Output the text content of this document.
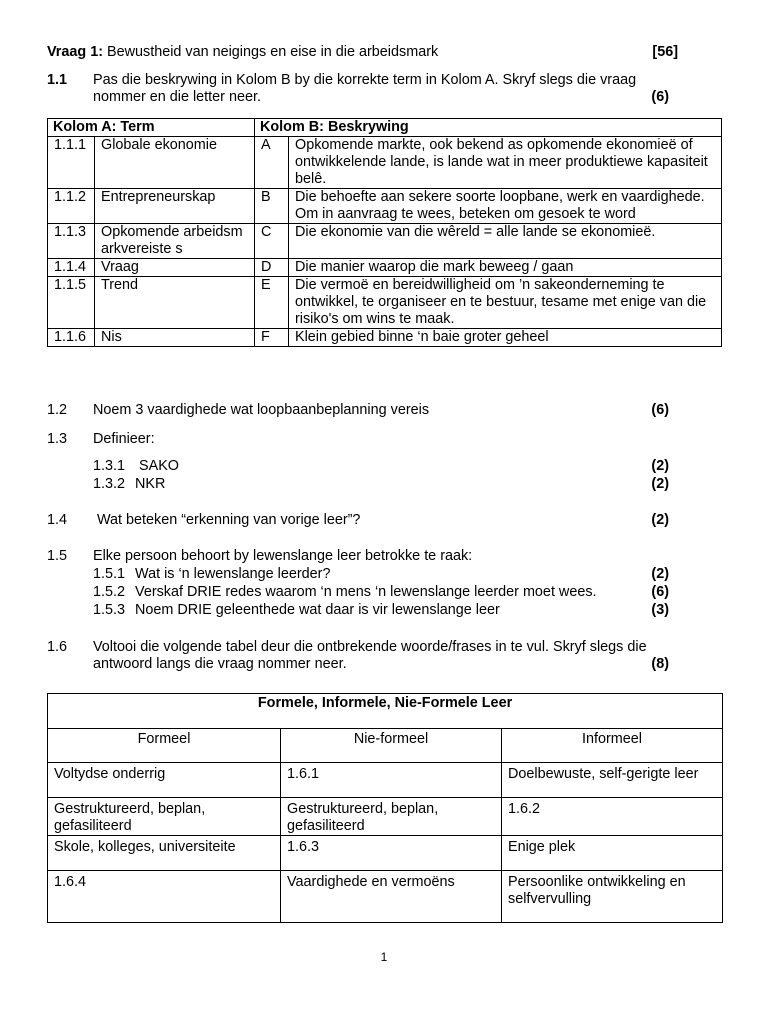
Vraag 1: Bewustheid van neigings en eise in die arbeidsmark	[56]
1.1 Pas die beskrywing in Kolom B by die korrekte term in Kolom A. Skryf slegs die vraag
nommer en die letter neer.	(6)
Kolom A: Term		Kolom B: Beskrywing	
1.1.1	Globale ekonomie	A	Opkomende markte, ook bekend as opkomende ekonomieë of ontwikkelende lande, is lande wat in meer produktiewe kapasiteit belê.
1.1.2	Entrepreneurskap	B	Die behoefte aan sekere soorte loopbane, werk en vaardighede. Om in aanvraag te wees, beteken om gesoek te word
1.1.3	Opkomende arbeidsmarkvereiste s	C	Die ekonomie van die wêreld = alle lande se ekonomieë.
1.1.4	Vraag	D	Die manier waarop die mark beweeg / gaan
1.1.5	Trend	E	Die vermoë en bereidwilligheid om ’n sakeonderneming te ontwikkel, te organiseer en te bestuur, tesame met enige van die risiko's om wins te maak.
1.1.6	Nis	F	Klein gebied binne ‘n baie groter geheel
1.2 Noem 3 vaardighede wat loopbaanbeplanning vereis	(6)
1.3 Definieer:
1.3.1 SAKO	(2)
1.3.2 NKR	(2)
1.4 Wat beteken “erkenning van vorige leer”?	(2)
1.5 Elke persoon behoort by lewenslange leer betrokke te raak:
1.5.1 Wat is ‘n lewenslange leerder?	(2)
1.5.2 Verskaf DRIE redes waarom ‘n mens ‘n lewenslange leerder moet wees.	(6)
1.5.3 Noem DRIE geleenthede wat daar is vir lewenslange leer	(3)
1.6 Voltooi die volgende tabel deur die ontbrekende woorde/frases in te vul. Skryf slegs die
antwoord langs die vraag nommer neer.	(8)
Formele, Informele, Nie-Formele Leer		
Formeel	Nie-formeel	Informeel
Voltydse onderrig	1.6.1	Doelbewuste, self-gerigte leer
Gestruktureerd, beplan, gefasiliteerd	Gestruktureerd, beplan, gefasiliteerd	1.6.2
Skole, kolleges, universiteite	1.6.3	Enige plek
1.6.4	Vaardighede en vermoëns	Persoonlike ontwikkeling en selfvervulling
1
